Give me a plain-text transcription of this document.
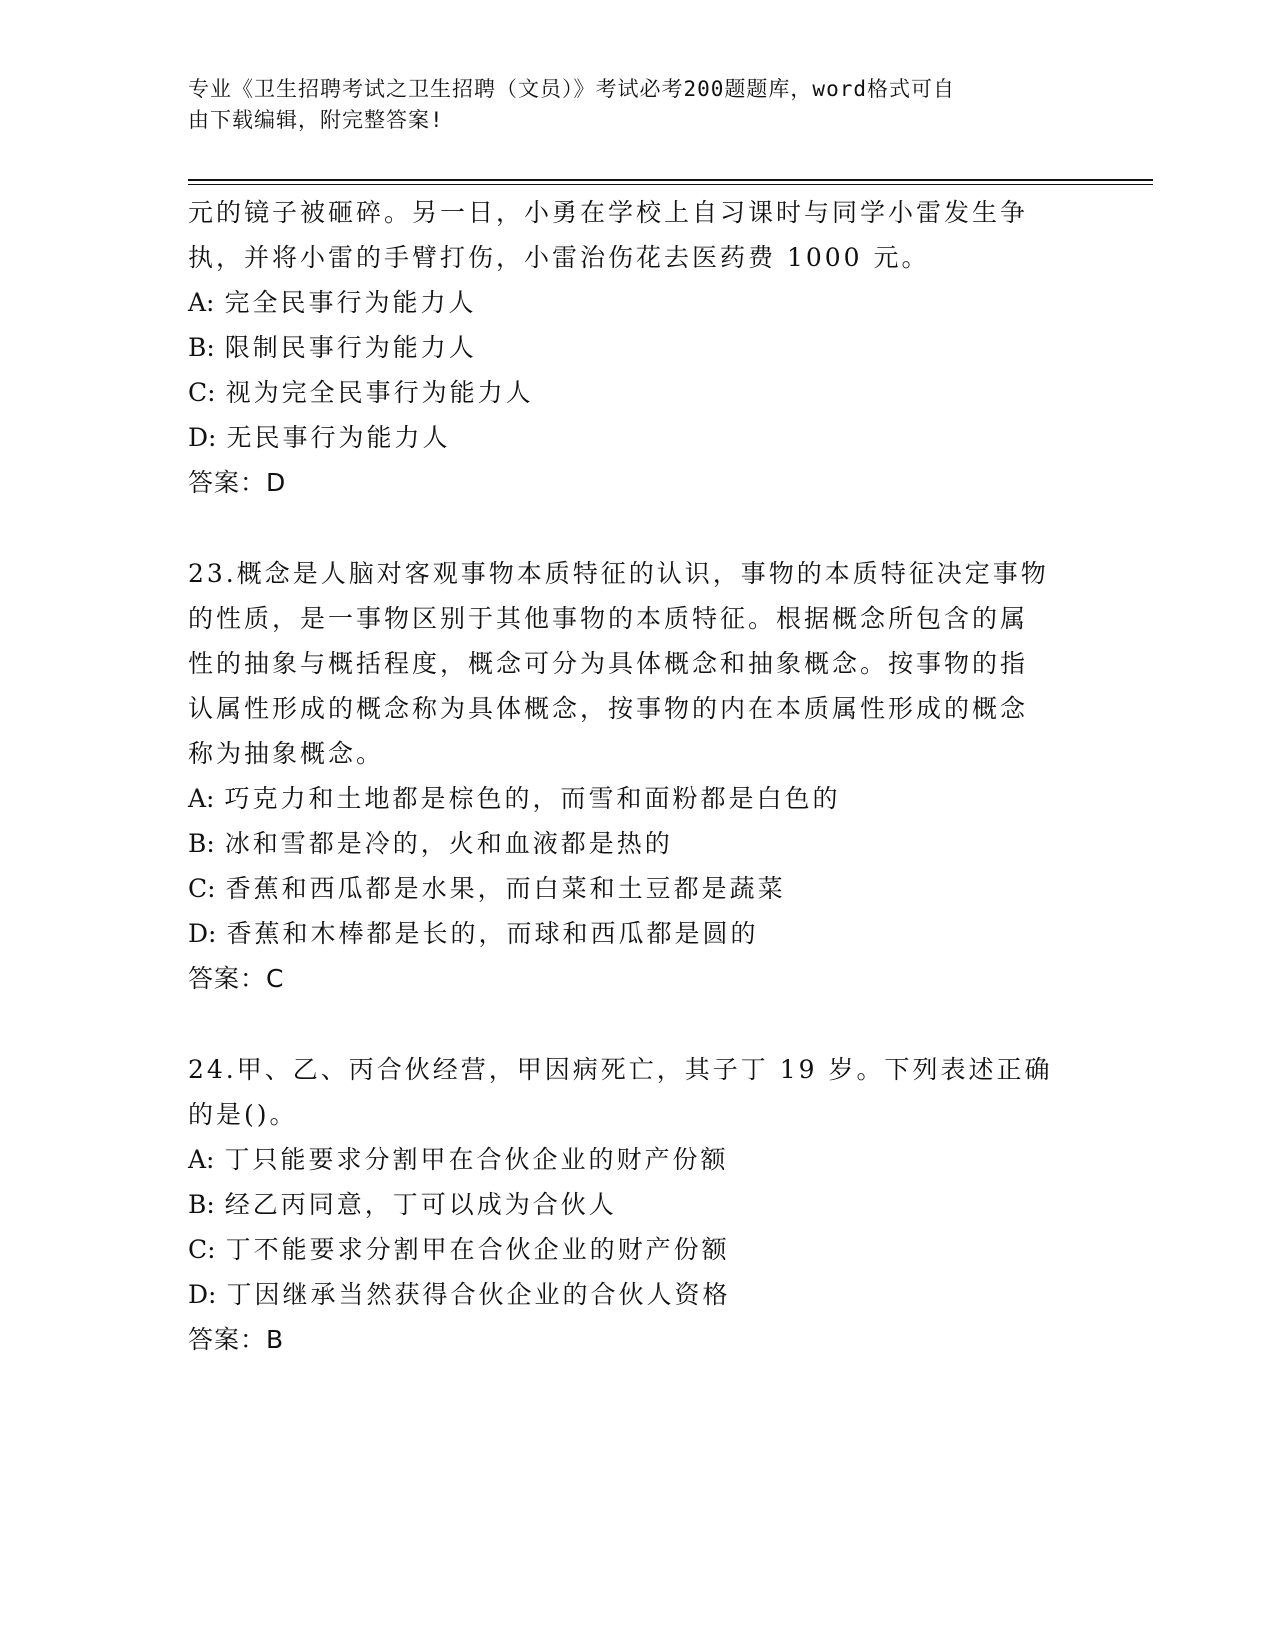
专业《卫生招聘考试之卫生招聘（文员）》考试必考200题题库，word格式可自
由下载编辑，附完整答案!
元的镜子被砸碎。另一日，小勇在学校上自习课时与同学小雷发生争
执，并将小雷的手臂打伤，小雷治伤花去医药费 1000 元。
A: 完全民事行为能力人
B: 限制民事行为能力人
C: 视为完全民事行为能力人
D: 无民事行为能力人
答案：D
23.概念是人脑对客观事物本质特征的认识，事物的本质特征决定事物
的性质，是一事物区别于其他事物的本质特征。根据概念所包含的属
性的抽象与概括程度，概念可分为具体概念和抽象概念。按事物的指
认属性形成的概念称为具体概念，按事物的内在本质属性形成的概念
称为抽象概念。
A: 巧克力和土地都是棕色的，而雪和面粉都是白色的
B: 冰和雪都是冷的，火和血液都是热的
C: 香蕉和西瓜都是水果，而白菜和土豆都是蔬菜
D: 香蕉和木棒都是长的，而球和西瓜都是圆的
答案：C
24.甲、乙、丙合伙经营，甲因病死亡，其子丁 19 岁。下列表述正确
的是()。
A: 丁只能要求分割甲在合伙企业的财产份额
B: 经乙丙同意，丁可以成为合伙人
C: 丁不能要求分割甲在合伙企业的财产份额
D: 丁因继承当然获得合伙企业的合伙人资格
答案：B
